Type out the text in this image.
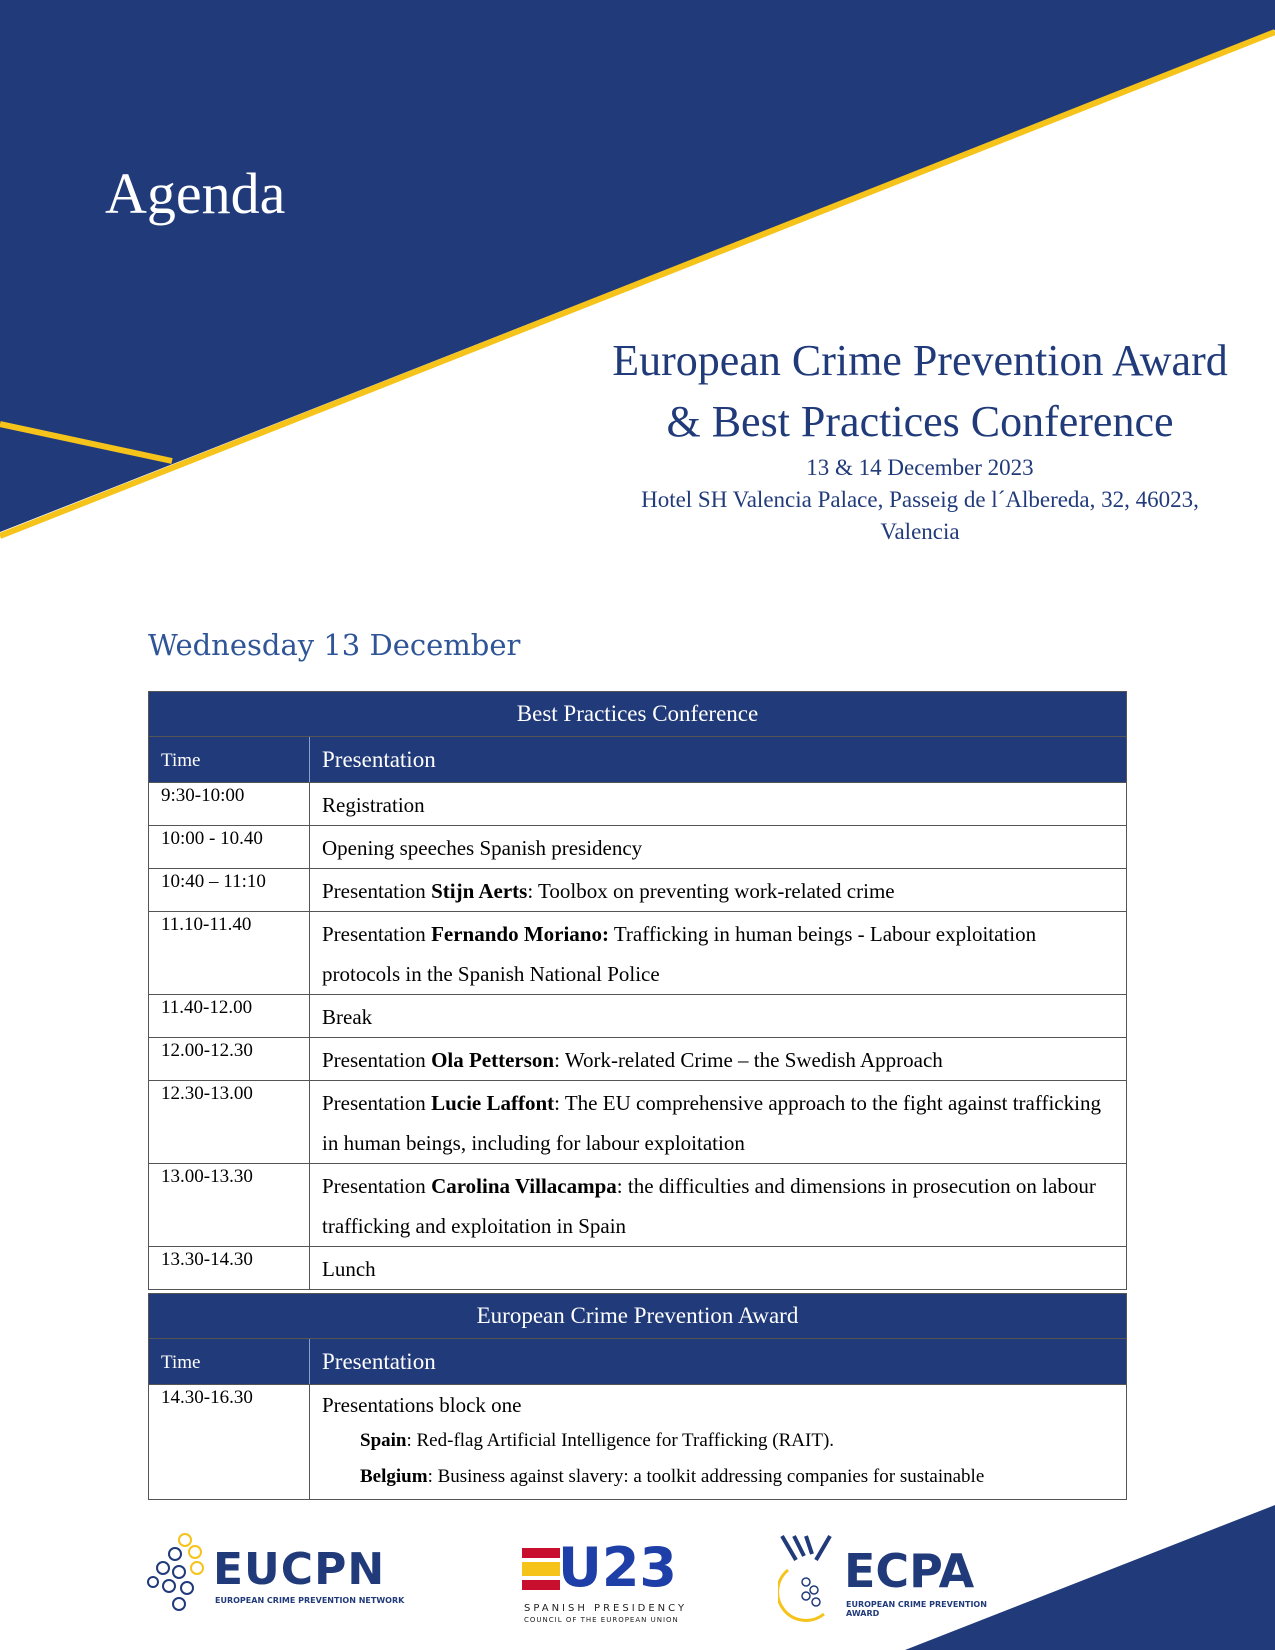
Agenda
European Crime Prevention Award
& Best Practices Conference
13 & 14 December 2023
Hotel SH Valencia Palace, Passeig de l´Albereda, 32, 46023,
Valencia
Wednesday 13 December
Best Practices Conference	
Time	Presentation
9:30-10:00	Registration
10:00 - 10.40	Opening speeches Spanish presidency
10:40 – 11:10	Presentation Stijn Aerts: Toolbox on preventing work-related crime
11.10-11.40	Presentation Fernando Moriano: Trafficking in human beings - Labour exploitation protocols in the Spanish National Police
11.40-12.00	Break
12.00-12.30	Presentation Ola Petterson: Work-related Crime – the Swedish Approach
12.30-13.00	Presentation Lucie Laffont: The EU comprehensive approach to the fight against trafficking in human beings, including for labour exploitation
13.00-13.30	Presentation Carolina Villacampa: the difficulties and dimensions in prosecution on labour trafficking and exploitation in Spain
13.30-14.30	Lunch
European Crime Prevention Award	
Time	Presentation
14.30-16.30	Presentations block one
Spain: Red-flag Artificial Intelligence for Trafficking (RAIT).
Belgium: Business against slavery: a toolkit addressing companies for sustainable
EUCPN
EUROPEAN CRIME PREVENTION NETWORK
U23
SPANISH PRESIDENCY
COUNCIL OF THE EUROPEAN UNION
ECPA
EUROPEAN CRIME PREVENTION AWARD
